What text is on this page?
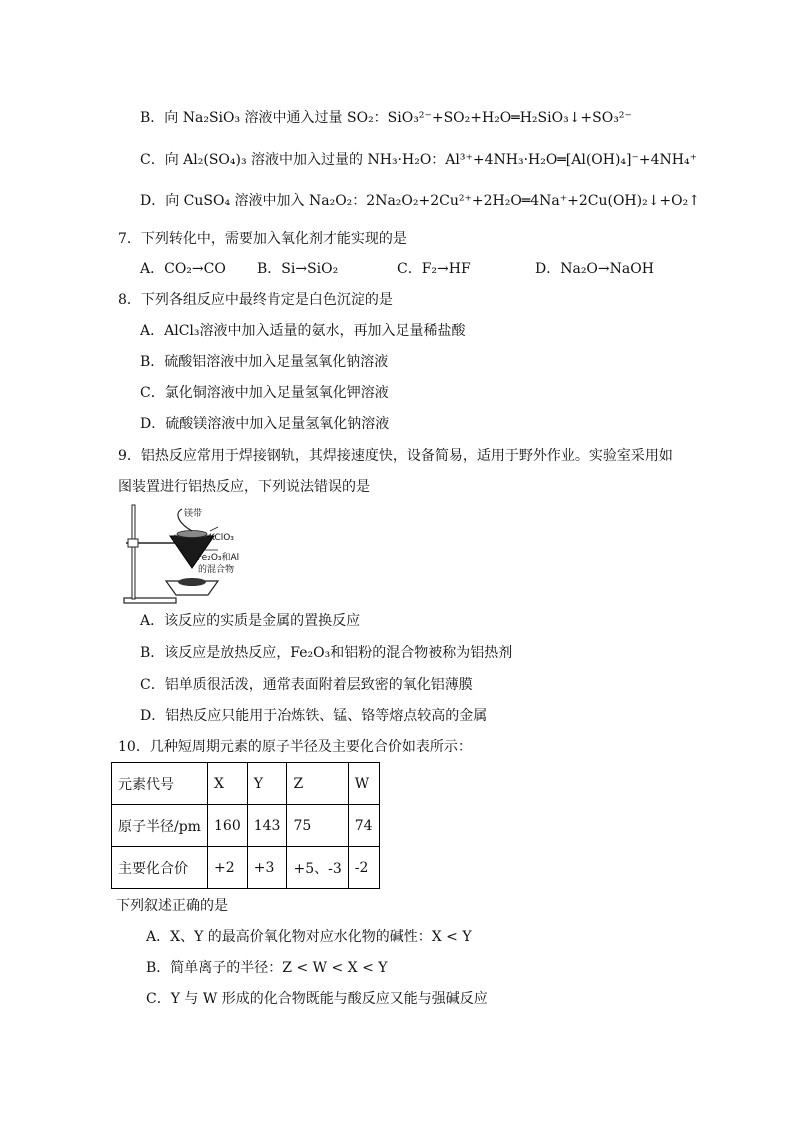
B．向 Na₂SiO₃ 溶液中通入过量 SO₂：SiO₃²⁻+SO₂+H₂O═H₂SiO₃↓+SO₃²⁻
C．向 Al₂(SO₄)₃ 溶液中加入过量的 NH₃·H₂O：Al³⁺+4NH₃·H₂O═[Al(OH)₄]⁻+4NH₄⁺
D．向 CuSO₄ 溶液中加入 Na₂O₂：2Na₂O₂+2Cu²⁺+2H₂O═4Na⁺+2Cu(OH)₂↓+O₂↑
7．下列转化中，需要加入氧化剂才能实现的是
A．CO₂→CO B．Si→SiO₂	C．F₂→HF	D．Na₂O→NaOH
8．下列各组反应中最终肯定是白色沉淀的是
A．AlCl₃溶液中加入适量的氨水，再加入足量稀盐酸
B．硫酸铝溶液中加入足量氢氧化钠溶液
C．氯化铜溶液中加入足量氢氧化钾溶液
D．硫酸镁溶液中加入足量氢氧化钠溶液
9．铝热反应常用于焊接钢轨，其焊接速度快，设备简易，适用于野外作业。实验室采用如
图装置进行铝热反应，下列说法错误的是
镁带
KClO₃
Fe₂O₃和Al
的混合物
A．该反应的实质是金属的置换反应
B．该反应是放热反应，Fe₂O₃和铝粉的混合物被称为铝热剂
C．铝单质很活泼，通常表面附着层致密的氧化铝薄膜
D．铝热反应只能用于冶炼铁、锰、铬等熔点较高的金属
10．几种短周期元素的原子半径及主要化合价如表所示：
元素代号	X	Y	Z	W
原子半径/pm	160	143	75	74
主要化合价	+2	+3	+5、-3	-2
下列叙述正确的是
A．X、Y 的最高价氧化物对应水化物的碱性：X < Y
B．简单离子的半径：Z < W < X < Y
C．Y 与 W 形成的化合物既能与酸反应又能与强碱反应
